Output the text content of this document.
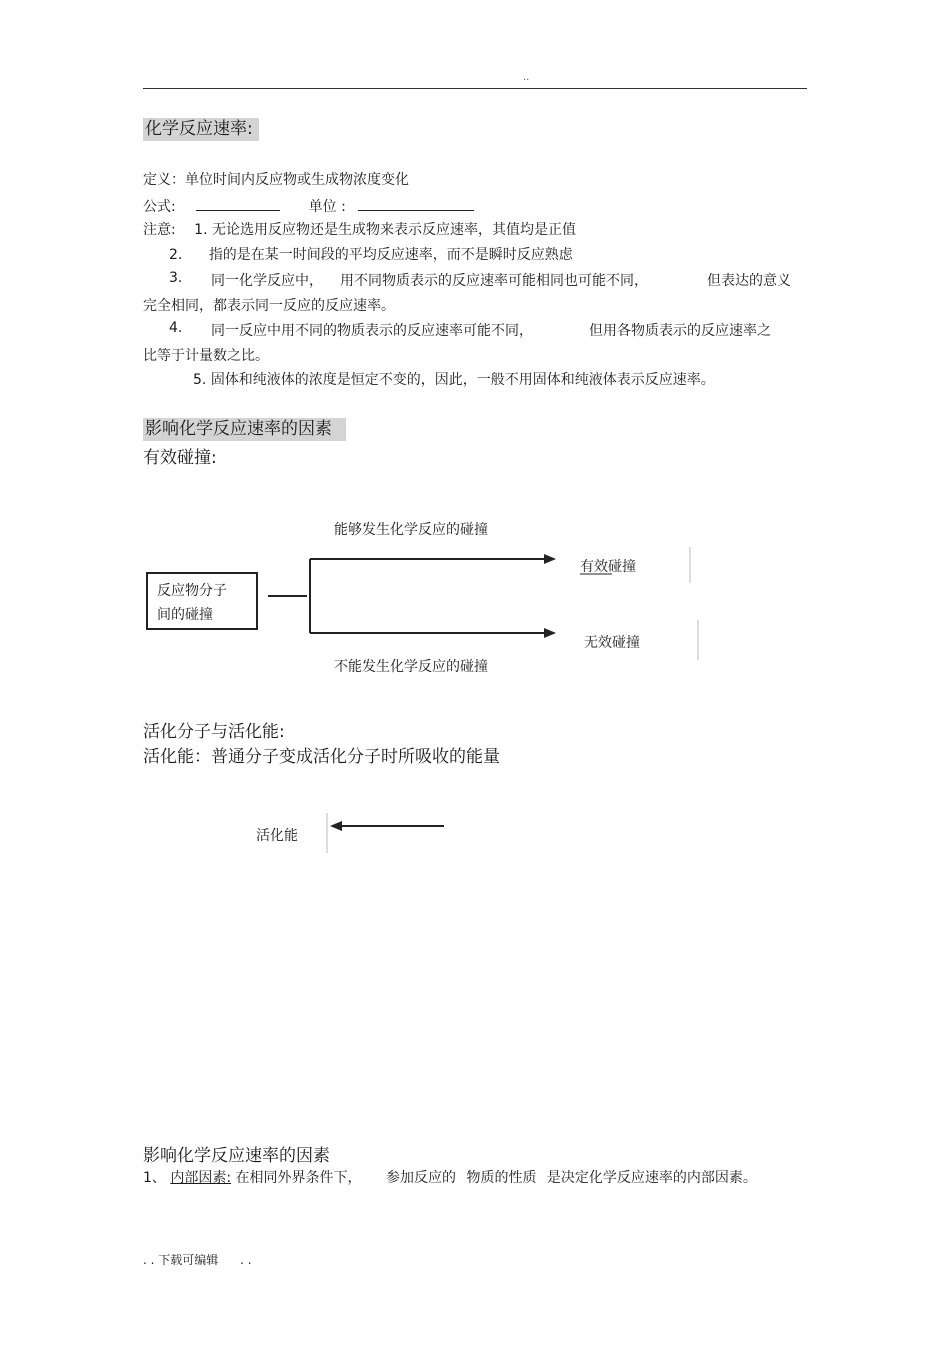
..
化学反应速率:
定义：单位时间内反应物或生成物浓度变化
公式:	单位 :
注意: 1. 无论选用反应物还是生成物来表示反应速率，其值均是正值
2. 指的是在某一时间段的平均反应速率，而不是瞬时反应熟虑
3. 同一化学反应中， 用不同物质表示的反应速率可能相同也可能不同，	但表达的意义
完全相同，都表示同一反应的反应速率。
4. 同一反应中用不同的物质表示的反应速率可能不同，	但用各物质表示的反应速率之
比等于计量数之比。
5. 固体和纯液体的浓度是恒定不变的，因此，一般不用固体和纯液体表示反应速率。
影响化学反应速率的因素
有效碰撞:
能够发生化学反应的碰撞
有效碰撞
无效碰撞
不能发生化学反应的碰撞
反应物分子
间的碰撞
活化分子与活化能:
活化能：普通分子变成活化分子时所吸收的能量
活化能
影响化学反应速率的因素
1、 内部因素: 在相同外界条件下， 参加反应的 物质的性质 是决定化学反应速率的内部因素。
. . 下载可编辑 . .
